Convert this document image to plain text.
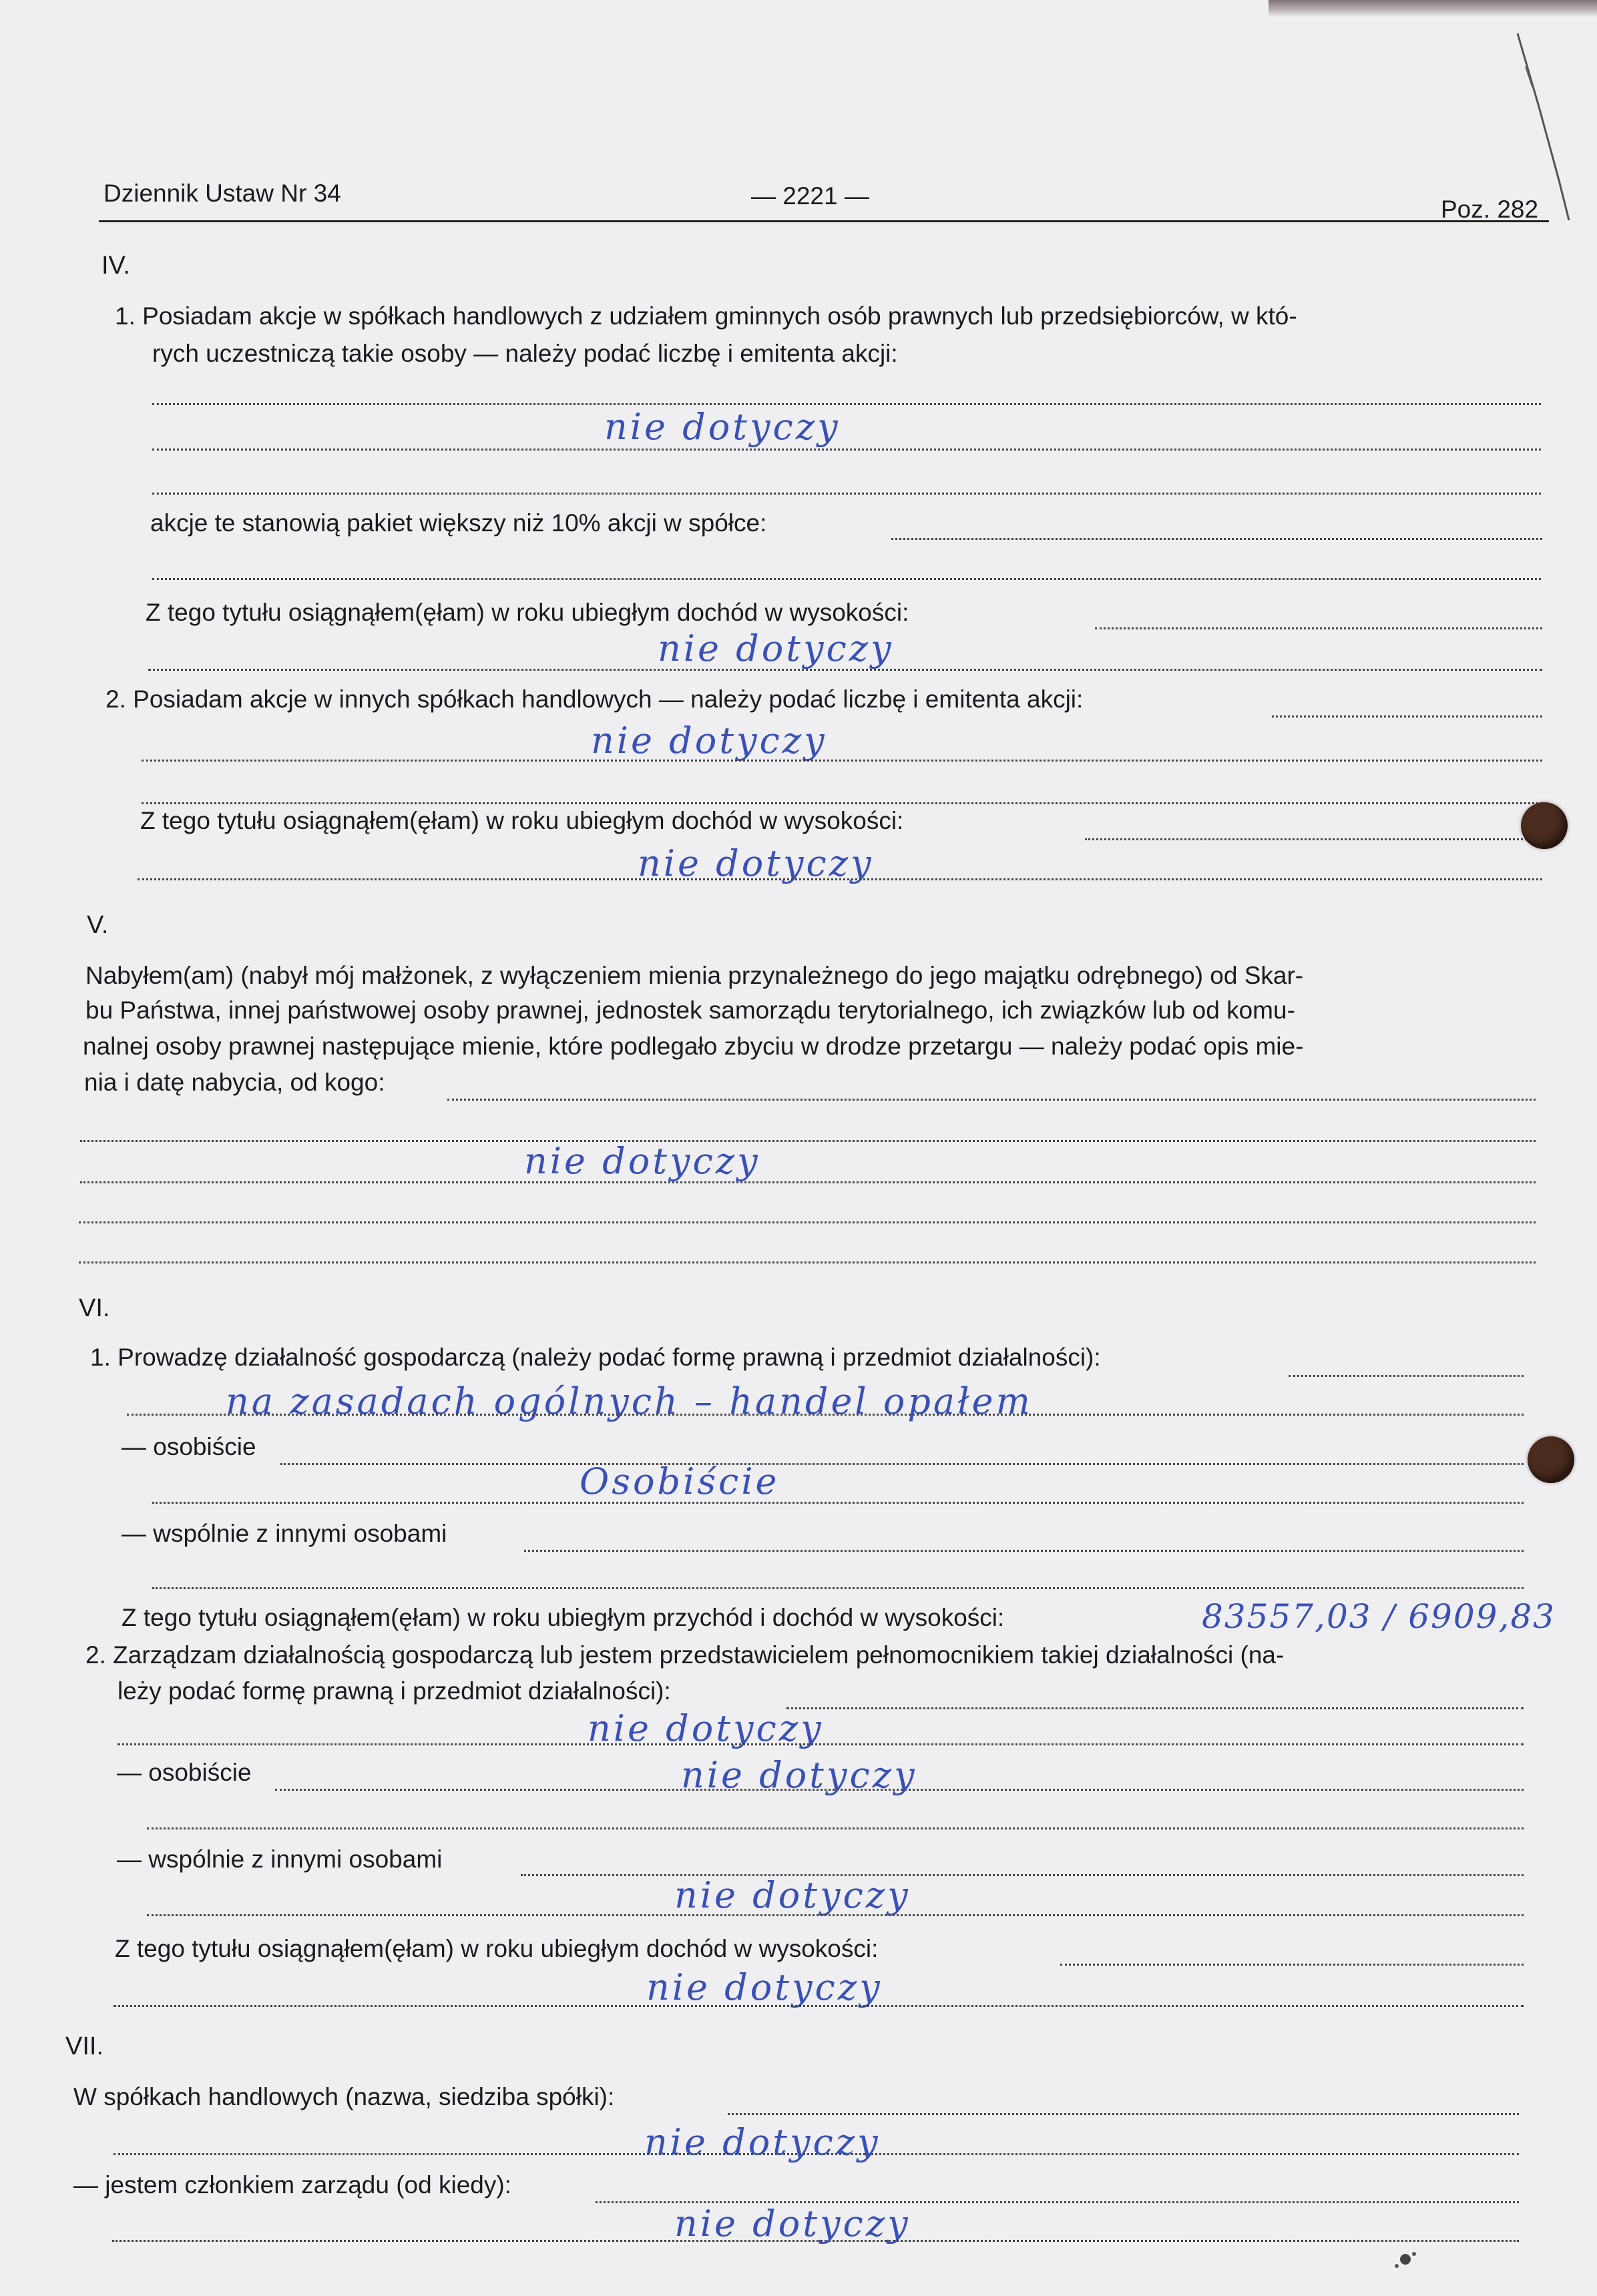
Dziennik Ustaw Nr 34	— 2221 —	Poz. 282
IV.
1. Posiadam akcje w spółkach handlowych z udziałem gminnych osób prawnych lub przedsiębiorców, w któ-
rych uczestniczą takie osoby — należy podać liczbę i emitenta akcji:
nie dotyczy
akcje te stanowią pakiet większy niż 10% akcji w spółce:
Z tego tytułu osiągnąłem(ęłam) w roku ubiegłym dochód w wysokości:
nie dotyczy
2. Posiadam akcje w innych spółkach handlowych — należy podać liczbę i emitenta akcji:
nie dotyczy
Z tego tytułu osiągnąłem(ęłam) w roku ubiegłym dochód w wysokości:
nie dotyczy
V.
Nabyłem(am) (nabył mój małżonek, z wyłączeniem mienia przynależnego do jego majątku odrębnego) od Skar-
bu Państwa, innej państwowej osoby prawnej, jednostek samorządu terytorialnego, ich związków lub od komu-
nalnej osoby prawnej następujące mienie, które podlegało zbyciu w drodze przetargu — należy podać opis mie-
nia i datę nabycia, od kogo:
nie dotyczy
VI.
1. Prowadzę działalność gospodarczą (należy podać formę prawną i przedmiot działalności):
na zasadach ogólnych – handel opałem
— osobiście
Osobiście
— wspólnie z innymi osobami
Z tego tytułu osiągnąłem(ęłam) w roku ubiegłym przychód i dochód w wysokości:	83557,03 / 6909,83
2. Zarządzam działalnością gospodarczą lub jestem przedstawicielem pełnomocnikiem takiej działalności (na-
leży podać formę prawną i przedmiot działalności):
nie dotyczy
— osobiście	nie dotyczy
— wspólnie z innymi osobami
nie dotyczy
Z tego tytułu osiągnąłem(ęłam) w roku ubiegłym dochód w wysokości:
nie dotyczy
VII.
W spółkach handlowych (nazwa, siedziba spółki):
nie dotyczy
— jestem członkiem zarządu (od kiedy):
nie dotyczy
